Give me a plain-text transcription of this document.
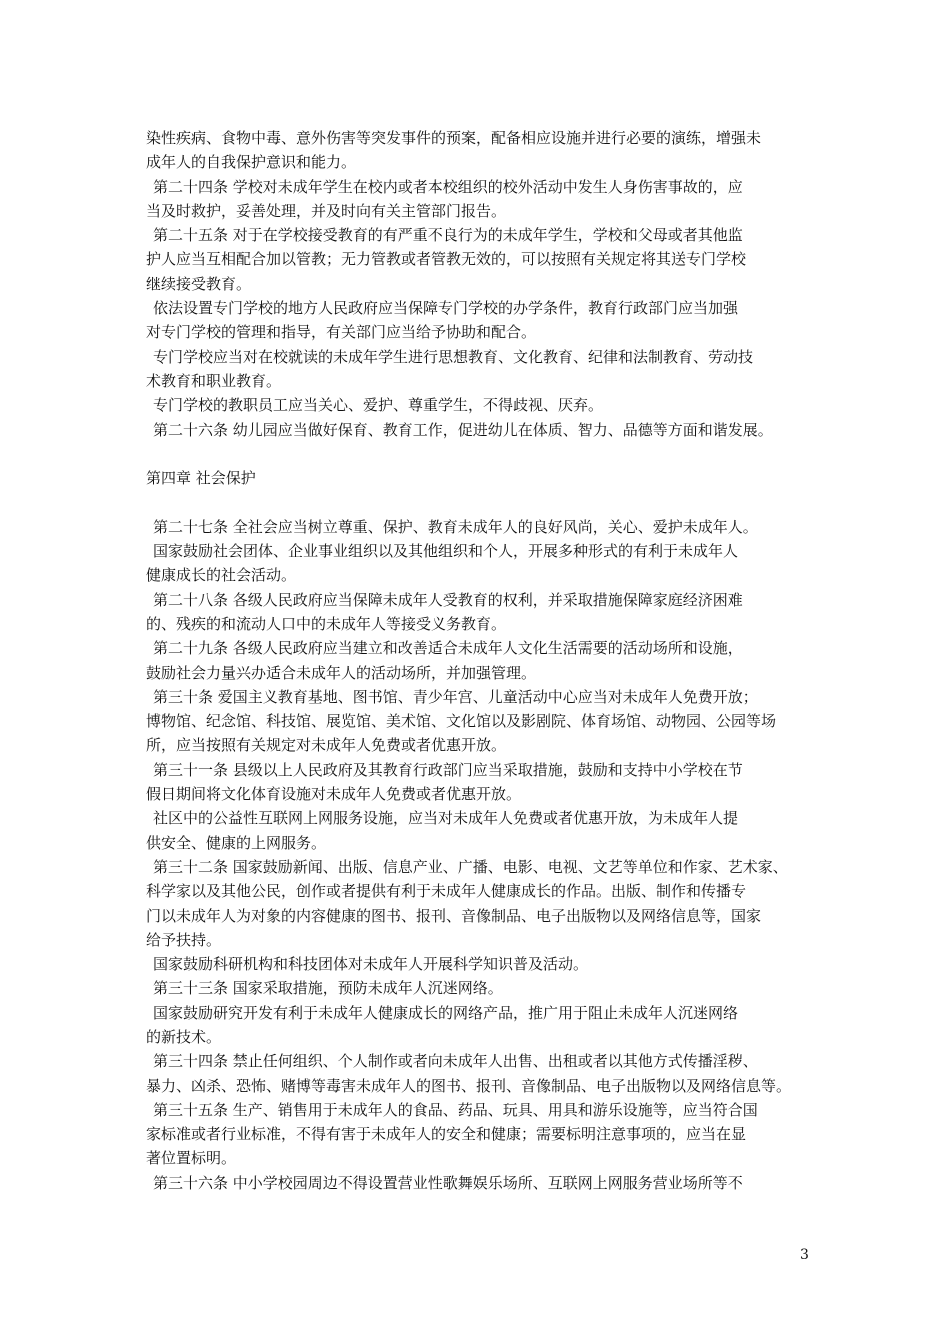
染性疾病、食物中毒、意外伤害等突发事件的预案，配备相应设施并进行必要的演练，增强未
成年人的自我保护意识和能力。
第二十四条 学校对未成年学生在校内或者本校组织的校外活动中发生人身伤害事故的，应
当及时救护，妥善处理，并及时向有关主管部门报告。
第二十五条 对于在学校接受教育的有严重不良行为的未成年学生，学校和父母或者其他监
护人应当互相配合加以管教；无力管教或者管教无效的，可以按照有关规定将其送专门学校
继续接受教育。
依法设置专门学校的地方人民政府应当保障专门学校的办学条件，教育行政部门应当加强
对专门学校的管理和指导，有关部门应当给予协助和配合。
专门学校应当对在校就读的未成年学生进行思想教育、文化教育、纪律和法制教育、劳动技
术教育和职业教育。
专门学校的教职员工应当关心、爱护、尊重学生，不得歧视、厌弃。
第二十六条 幼儿园应当做好保育、教育工作，促进幼儿在体质、智力、品德等方面和谐发展。
第四章 社会保护
第二十七条 全社会应当树立尊重、保护、教育未成年人的良好风尚，关心、爱护未成年人。
国家鼓励社会团体、企业事业组织以及其他组织和个人，开展多种形式的有利于未成年人
健康成长的社会活动。
第二十八条 各级人民政府应当保障未成年人受教育的权利，并采取措施保障家庭经济困难
的、残疾的和流动人口中的未成年人等接受义务教育。
第二十九条 各级人民政府应当建立和改善适合未成年人文化生活需要的活动场所和设施，
鼓励社会力量兴办适合未成年人的活动场所，并加强管理。
第三十条 爱国主义教育基地、图书馆、青少年宫、儿童活动中心应当对未成年人免费开放；
博物馆、纪念馆、科技馆、展览馆、美术馆、文化馆以及影剧院、体育场馆、动物园、公园等场
所，应当按照有关规定对未成年人免费或者优惠开放。
第三十一条 县级以上人民政府及其教育行政部门应当采取措施，鼓励和支持中小学校在节
假日期间将文化体育设施对未成年人免费或者优惠开放。
社区中的公益性互联网上网服务设施，应当对未成年人免费或者优惠开放，为未成年人提
供安全、健康的上网服务。
第三十二条 国家鼓励新闻、出版、信息产业、广播、电影、电视、文艺等单位和作家、艺术家、
科学家以及其他公民，创作或者提供有利于未成年人健康成长的作品。出版、制作和传播专
门以未成年人为对象的内容健康的图书、报刊、音像制品、电子出版物以及网络信息等，国家
给予扶持。
国家鼓励科研机构和科技团体对未成年人开展科学知识普及活动。
第三十三条 国家采取措施，预防未成年人沉迷网络。
国家鼓励研究开发有利于未成年人健康成长的网络产品，推广用于阻止未成年人沉迷网络
的新技术。
第三十四条 禁止任何组织、个人制作或者向未成年人出售、出租或者以其他方式传播淫秽、
暴力、凶杀、恐怖、赌博等毒害未成年人的图书、报刊、音像制品、电子出版物以及网络信息等。
第三十五条 生产、销售用于未成年人的食品、药品、玩具、用具和游乐设施等，应当符合国
家标准或者行业标准，不得有害于未成年人的安全和健康；需要标明注意事项的，应当在显
著位置标明。
第三十六条 中小学校园周边不得设置营业性歌舞娱乐场所、互联网上网服务营业场所等不
3
